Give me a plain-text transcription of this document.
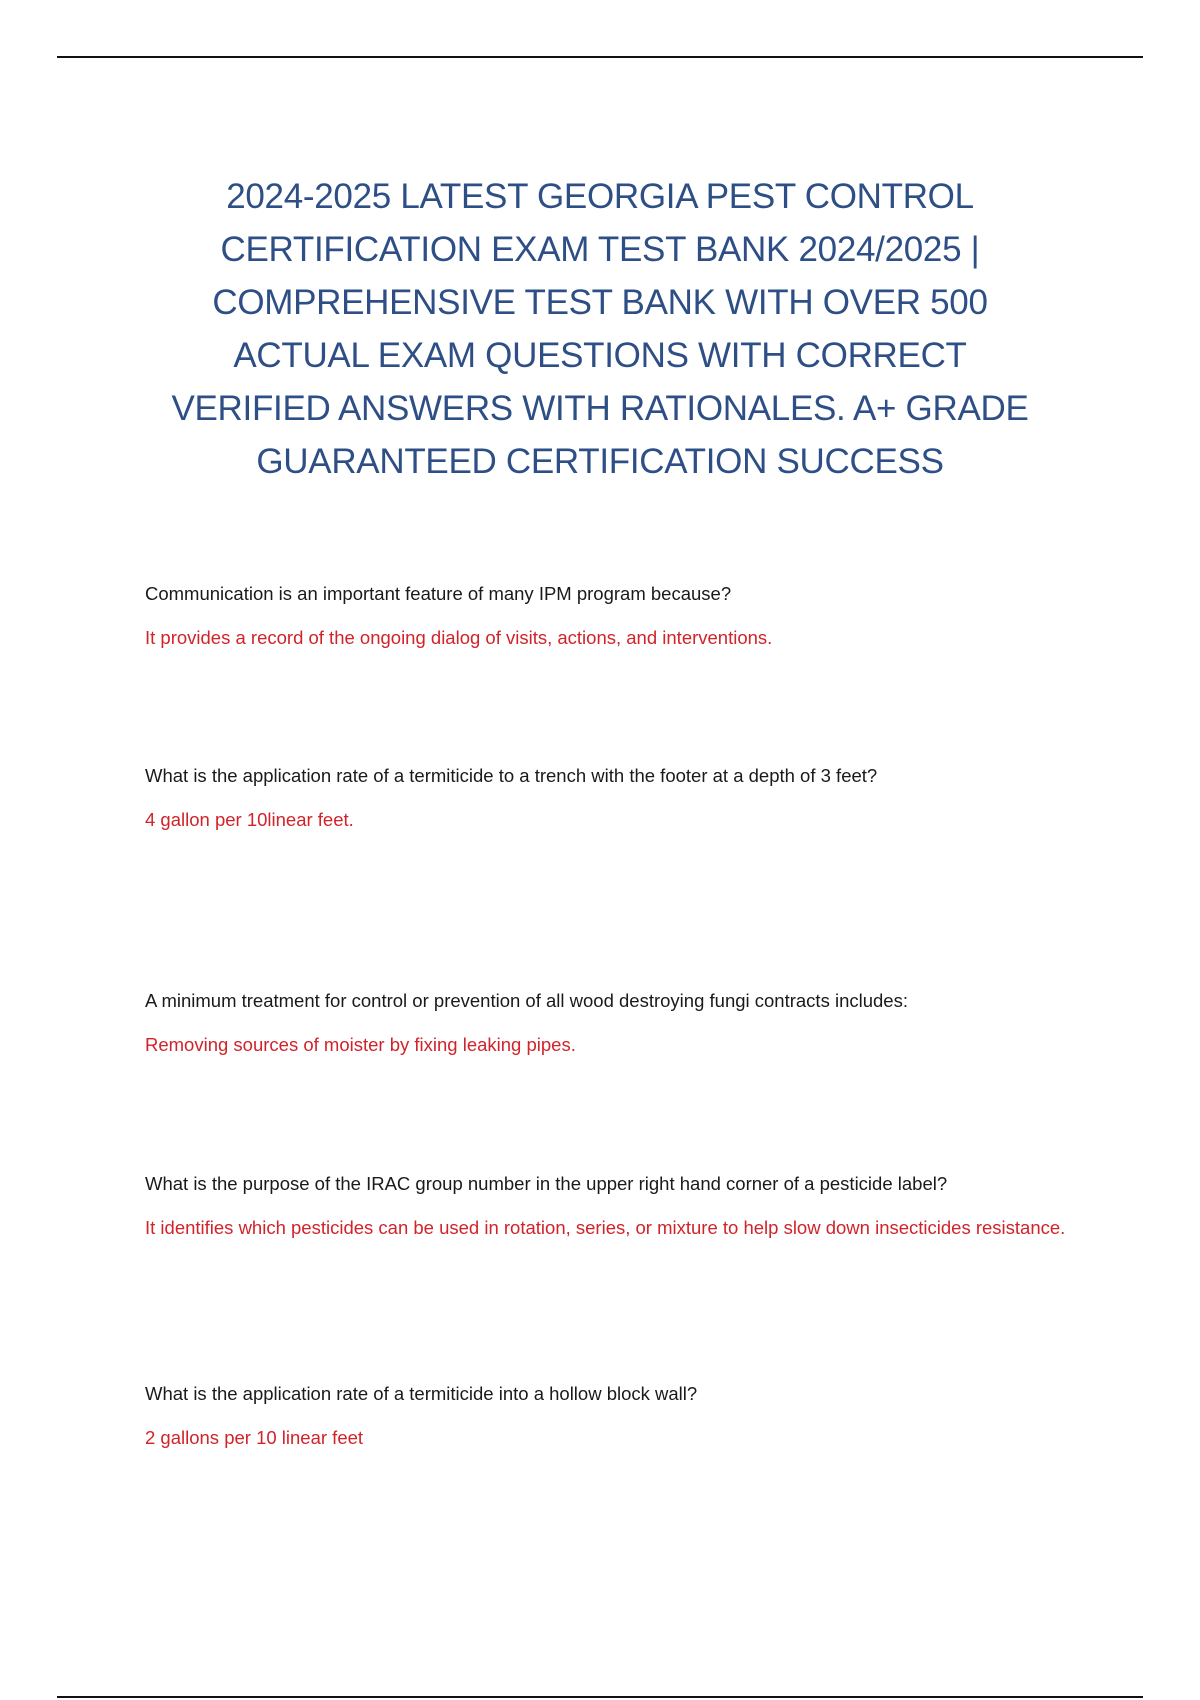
2024-2025 LATEST GEORGIA PEST CONTROL CERTIFICATION EXAM TEST BANK 2024/2025 | COMPREHENSIVE TEST BANK WITH OVER 500 ACTUAL EXAM QUESTIONS WITH CORRECT VERIFIED ANSWERS WITH RATIONALES. A+ GRADE GUARANTEED CERTIFICATION SUCCESS

Communication is an important feature of many IPM program because?

It provides a record of the ongoing dialog of visits, actions, and interventions.

What is the application rate of a termiticide to a trench with the footer at a depth of 3 feet?

4 gallon per 10linear feet.

A minimum treatment for control or prevention of all wood destroying fungi contracts includes:

Removing sources of moister by fixing leaking pipes.

What is the purpose of the IRAC group number in the upper right hand corner of a pesticide label?

It identifies which pesticides can be used in rotation, series, or mixture to help slow down insecticides resistance.

What is the application rate of a termiticide into a hollow block wall?

2 gallons per 10 linear feet
